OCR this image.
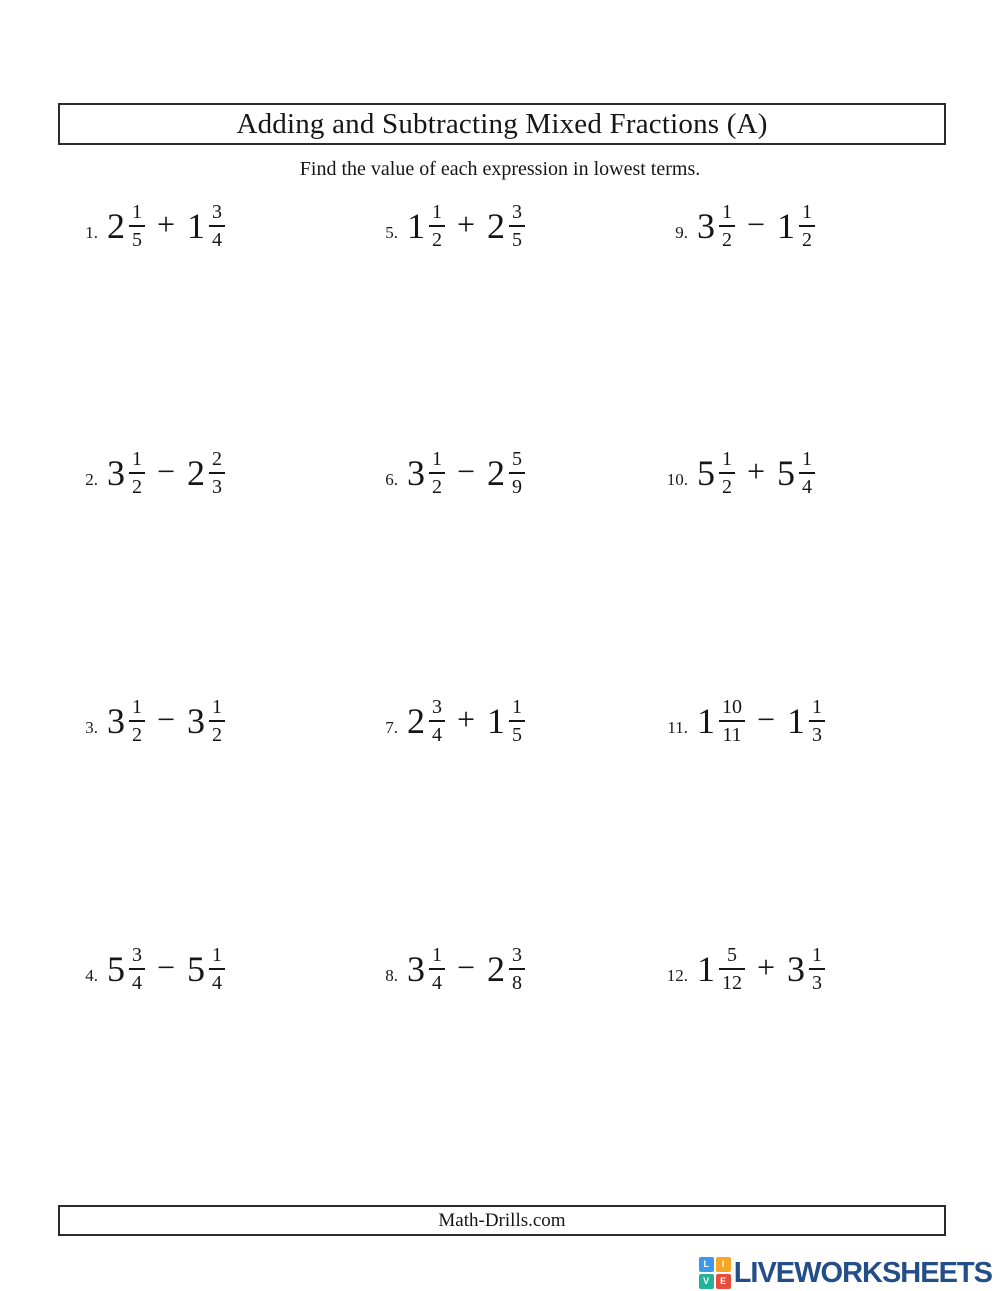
Adding and Subtracting Mixed Fractions (A)
Find the value of each expression in lowest terms.
1. $2 \frac{1}{5} + 1 \frac{3}{4}$	5. $1 \frac{1}{2} + 2 \frac{3}{5}$	9. $3 \frac{1}{2} - 1 \frac{1}{2}$
2. $3 \frac{1}{2} - 2 \frac{2}{3}$	6. $3 \frac{1}{2} - 2 \frac{5}{9}$	10. $5 \frac{1}{2} + 5 \frac{1}{4}$
3. $3 \frac{1}{2} - 3 \frac{1}{2}$	7. $2 \frac{3}{4} + 1 \frac{1}{5}$	11. $1 \frac{10}{11} - 1 \frac{1}{3}$
4. $5 \frac{3}{4} - 5 \frac{1}{4}$	8. $3 \frac{1}{4} - 2 \frac{3}{8}$	12. $1 \frac{5}{12} + 3 \frac{1}{3}$
Math-Drills.com
L	I
V	E LIVEWORKSHEETS
